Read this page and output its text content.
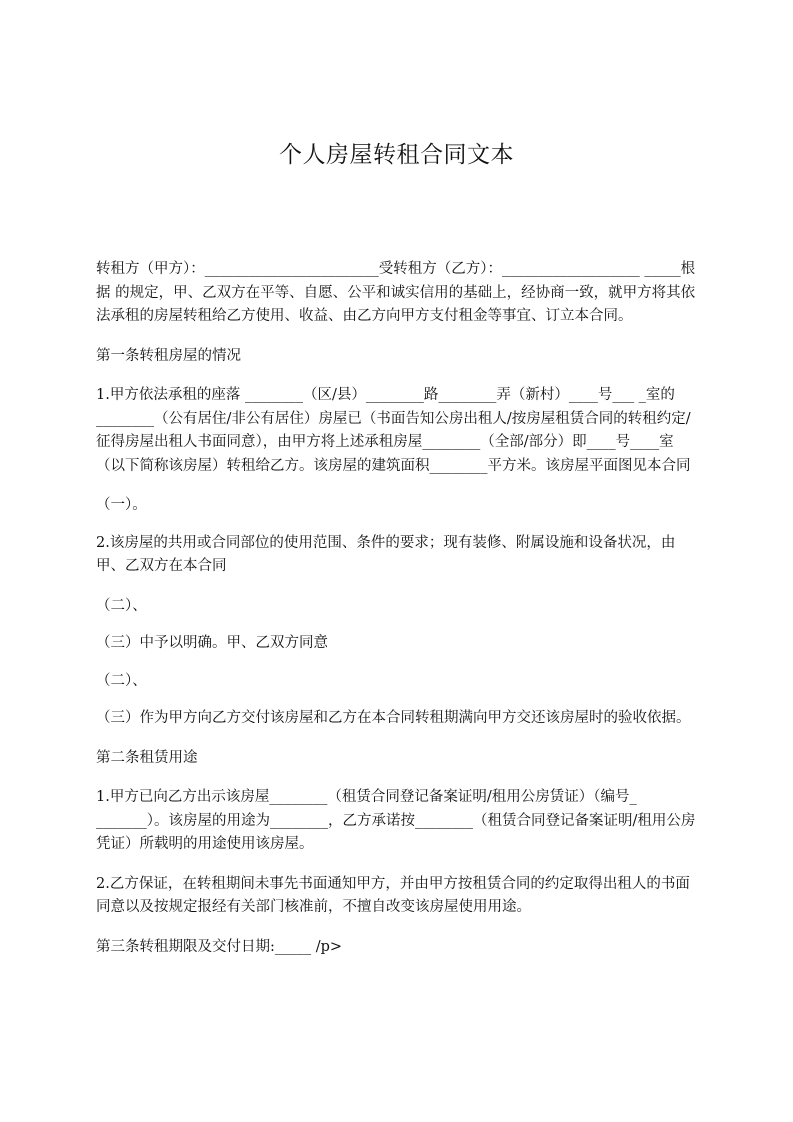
个人房屋转租合同文本

转租方（甲方）：________________________受转租方（乙方）：___________________ _____根据 的规定，甲、乙双方在平等、自愿、公平和诚实信用的基础上，经协商一致，就甲方将其依法承租的房屋转租给乙方使用、收益、由乙方向甲方支付租金等事宜、订立本合同。

第一条转租房屋的情况

1.甲方依法承租的座落 ________（区/县）________路________弄（新村）____号___ _室的________（公有居住/非公有居住）房屋已（书面告知公房出租人/按房屋租赁合同的转租约定/征得房屋出租人书面同意），由甲方将上述承租房屋________（全部/部分）即____号____室（以下简称该房屋）转租给乙方。该房屋的建筑面积________平方米。该房屋平面图见本合同

（一）。

2.该房屋的共用或合同部位的使用范围、条件的要求；现有装修、附属设施和设备状况，由甲、乙双方在本合同

（二）、

（三）中予以明确。甲、乙双方同意

（二）、

（三）作为甲方向乙方交付该房屋和乙方在本合同转租期满向甲方交还该房屋时的验收依据。

第二条租赁用途

1.甲方已向乙方出示该房屋________（租赁合同登记备案证明/租用公房赁证）（编号_ _______）。该房屋的用途为________，乙方承诺按________（租赁合同登记备案证明/租用公房凭证）所载明的用途使用该房屋。

2.乙方保证，在转租期间未事先书面通知甲方，并由甲方按租赁合同的约定取得出租人的书面同意以及按规定报经有关部门核准前，不擅自改变该房屋使用用途。

第三条转租期限及交付日期:_____ /p>
